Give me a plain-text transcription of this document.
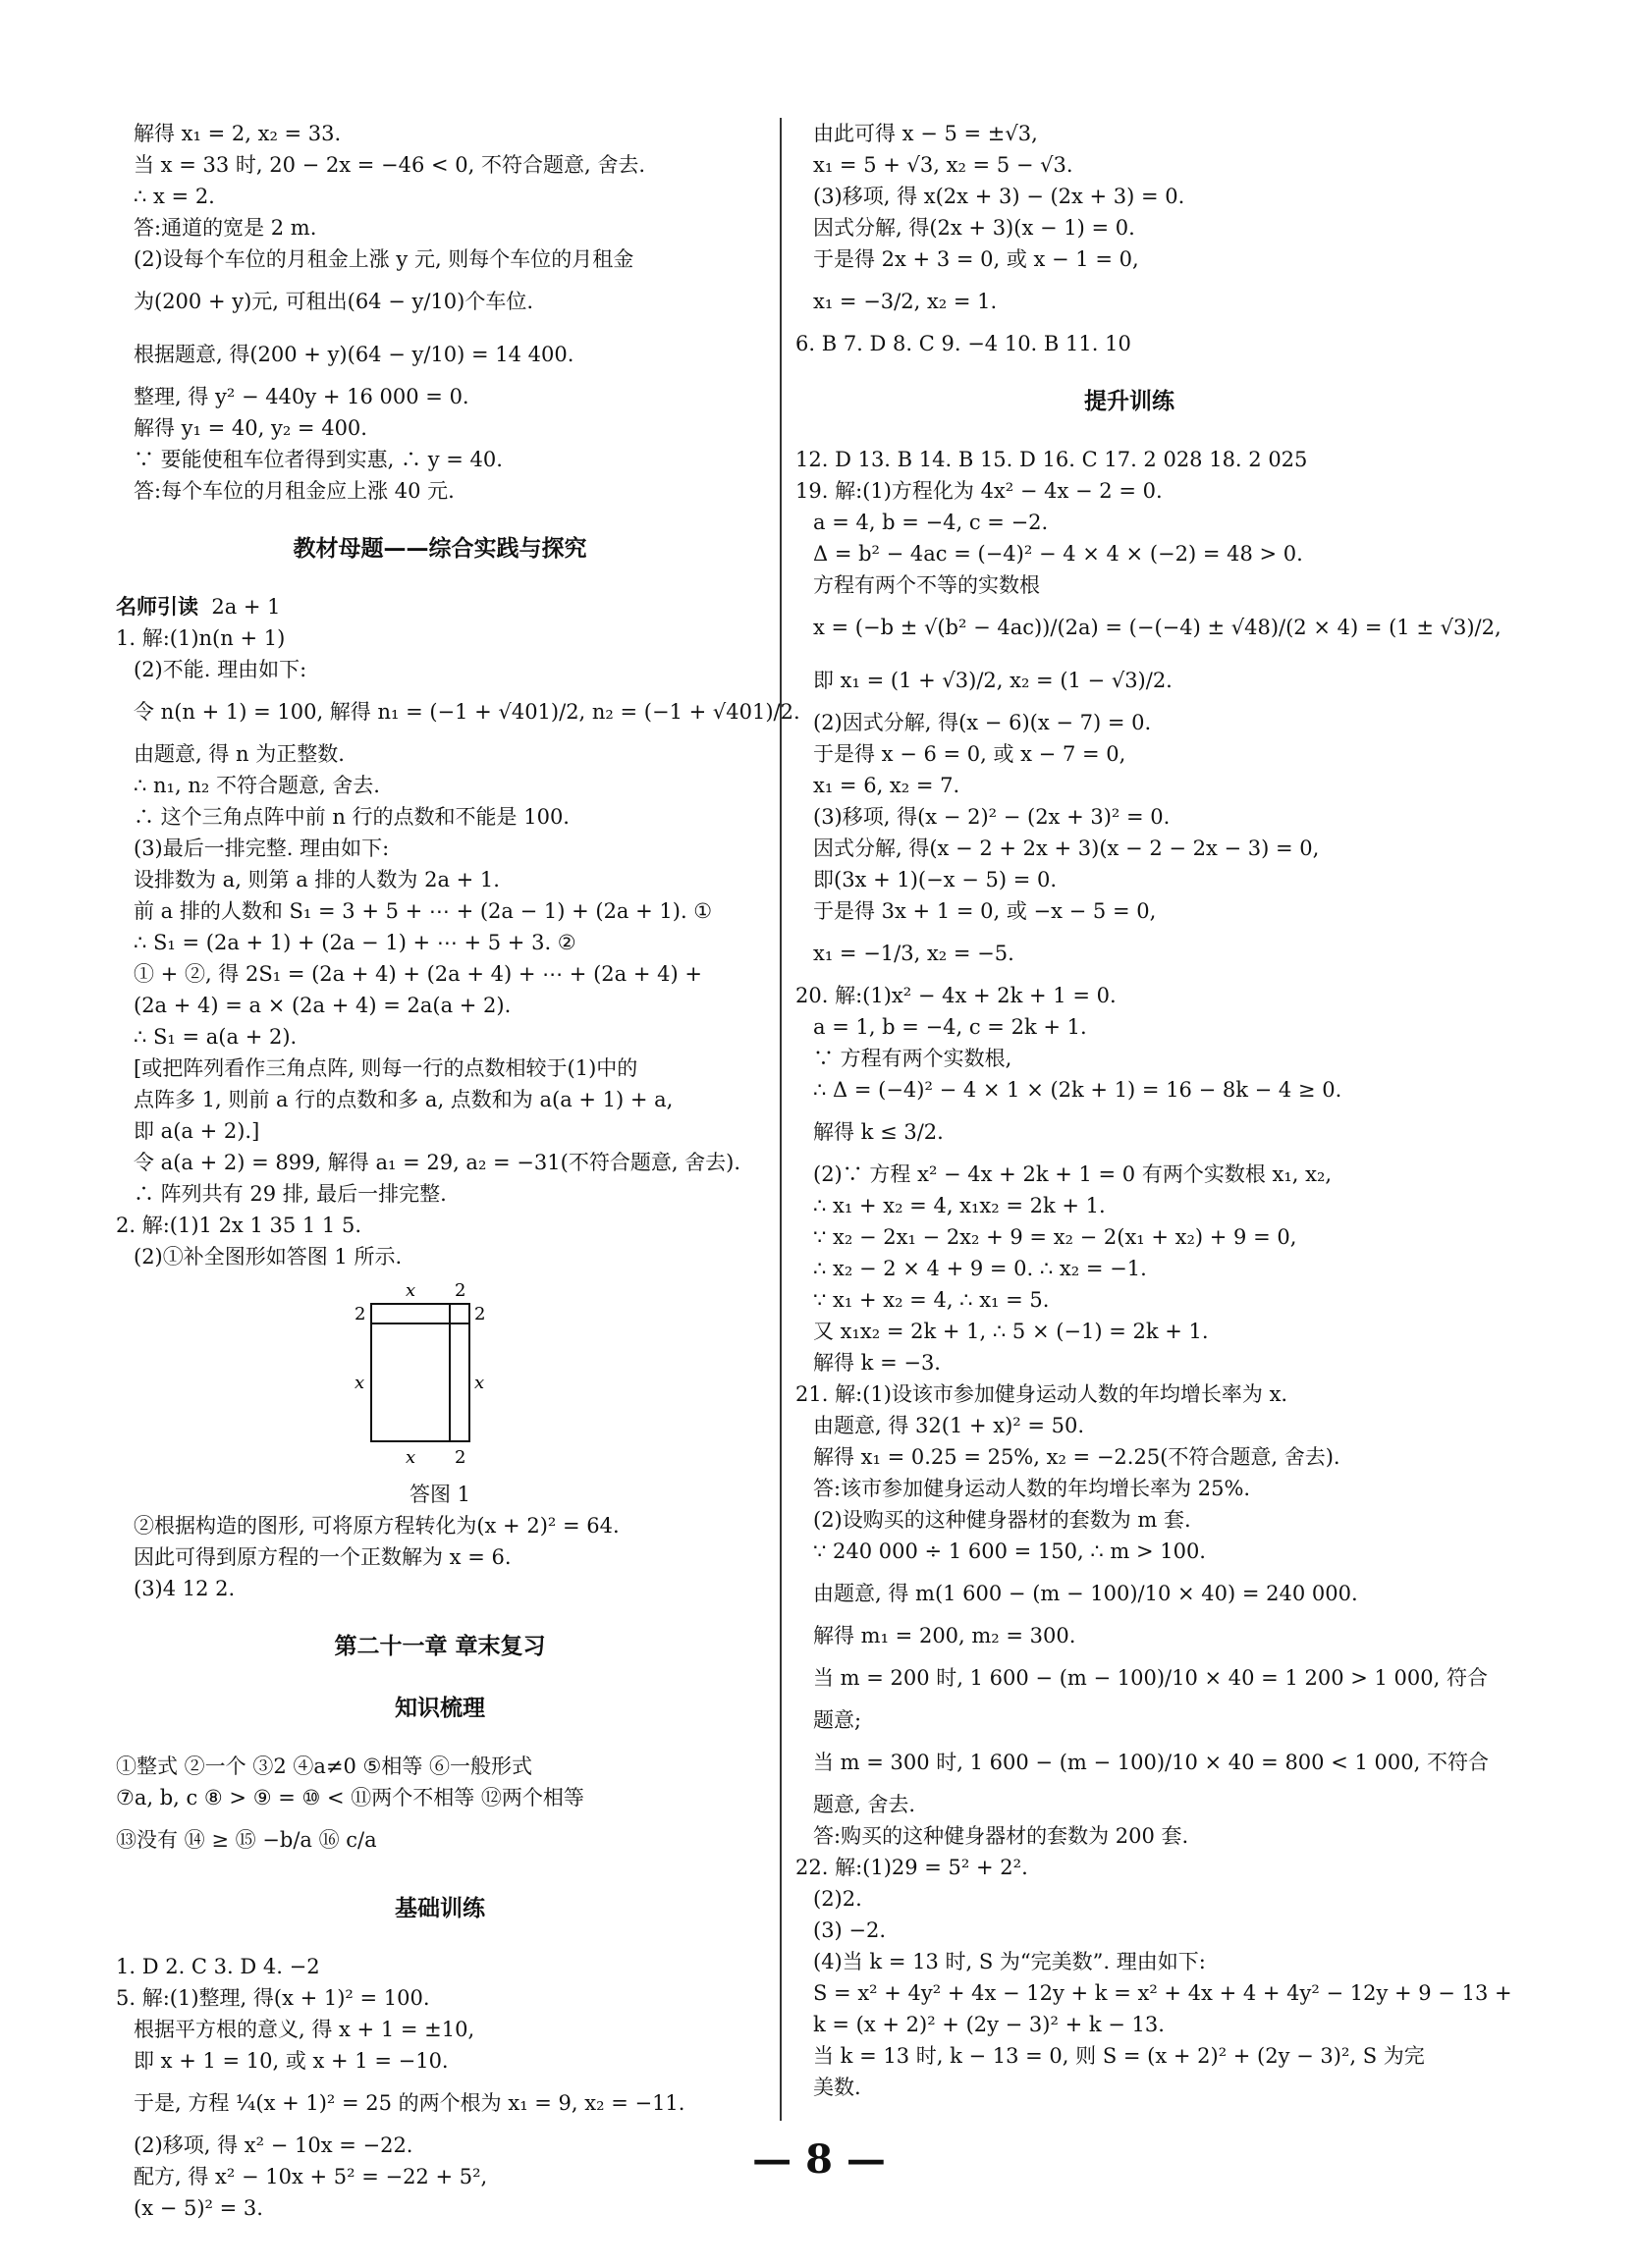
解得 x₁ = 2, x₂ = 33.

当 x = 33 时, 20 − 2x = −46 < 0, 不符合题意, 舍去.

∴ x = 2.

答:通道的宽是 2 m.

(2)设每个车位的月租金上涨 y 元, 则每个车位的月租金

为(200 + y)元, 可租出(64 − y/10)个车位.

根据题意, 得(200 + y)(64 − y/10) = 14 400.

整理, 得 y² − 440y + 16 000 = 0.

解得 y₁ = 40, y₂ = 400.

∵ 要能使租车位者得到实惠, ∴ y = 40.

答:每个车位的月租金应上涨 40 元.

教材母题——综合实践与探究

名师引读 2a + 1

1. 解:(1)n(n + 1)

(2)不能. 理由如下:

令 n(n + 1) = 100, 解得 n₁ = (−1 + √401)/2, n₂ = (−1 + √401)/2.

由题意, 得 n 为正整数.

∴ n₁, n₂ 不符合题意, 舍去.

∴ 这个三角点阵中前 n 行的点数和不能是 100.

(3)最后一排完整. 理由如下:

设排数为 a, 则第 a 排的人数为 2a + 1.

前 a 排的人数和 S₁ = 3 + 5 + ⋯ + (2a − 1) + (2a + 1). ①

∴ S₁ = (2a + 1) + (2a − 1) + ⋯ + 5 + 3. ②

① + ②, 得 2S₁ = (2a + 4) + (2a + 4) + ⋯ + (2a + 4) +

(2a + 4) = a × (2a + 4) = 2a(a + 2).

∴ S₁ = a(a + 2).

[或把阵列看作三角点阵, 则每一行的点数相较于(1)中的

点阵多 1, 则前 a 行的点数和多 a, 点数和为 a(a + 1) + a,

即 a(a + 2).]

令 a(a + 2) = 899, 解得 a₁ = 29, a₂ = −31(不符合题意, 舍去).

∴ 阵列共有 29 排, 最后一排完整.

2. 解:(1)1 2x 1 35 1 1 5.

(2)①补全图形如答图 1 所示.

x 2
2
x
2
x
x 2

答图 1

②根据构造的图形, 可将原方程转化为(x + 2)² = 64.

因此可得到原方程的一个正数解为 x = 6.

(3)4 12 2.

第二十一章 章末复习

知识梳理

①整式 ②一个 ③2 ④a≠0 ⑤相等 ⑥一般形式

⑦a, b, c ⑧ > ⑨ = ⑩ < ⑪两个不相等 ⑫两个相等

⑬没有 ⑭ ≥ ⑮ −b/a ⑯ c/a

基础训练

1. D 2. C 3. D 4. −2

5. 解:(1)整理, 得(x + 1)² = 100.

根据平方根的意义, 得 x + 1 = ±10,

即 x + 1 = 10, 或 x + 1 = −10.

于是, 方程 ¼(x + 1)² = 25 的两个根为 x₁ = 9, x₂ = −11.

(2)移项, 得 x² − 10x = −22.

配方, 得 x² − 10x + 5² = −22 + 5²,

(x − 5)² = 3.

由此可得 x − 5 = ±√3,

x₁ = 5 + √3, x₂ = 5 − √3.

(3)移项, 得 x(2x + 3) − (2x + 3) = 0.

因式分解, 得(2x + 3)(x − 1) = 0.

于是得 2x + 3 = 0, 或 x − 1 = 0,

x₁ = −3/2, x₂ = 1.

6. B 7. D 8. C 9. −4 10. B 11. 10

提升训练

12. D 13. B 14. B 15. D 16. C 17. 2 028 18. 2 025

19. 解:(1)方程化为 4x² − 4x − 2 = 0.

a = 4, b = −4, c = −2.

Δ = b² − 4ac = (−4)² − 4 × 4 × (−2) = 48 > 0.

方程有两个不等的实数根

x = (−b ± √(b² − 4ac))/(2a) = (−(−4) ± √48)/(2 × 4) = (1 ± √3)/2,

即 x₁ = (1 + √3)/2, x₂ = (1 − √3)/2.

(2)因式分解, 得(x − 6)(x − 7) = 0.

于是得 x − 6 = 0, 或 x − 7 = 0,

x₁ = 6, x₂ = 7.

(3)移项, 得(x − 2)² − (2x + 3)² = 0.

因式分解, 得(x − 2 + 2x + 3)(x − 2 − 2x − 3) = 0,

即(3x + 1)(−x − 5) = 0.

于是得 3x + 1 = 0, 或 −x − 5 = 0,

x₁ = −1/3, x₂ = −5.

20. 解:(1)x² − 4x + 2k + 1 = 0.

a = 1, b = −4, c = 2k + 1.

∵ 方程有两个实数根,

∴ Δ = (−4)² − 4 × 1 × (2k + 1) = 16 − 8k − 4 ≥ 0.

解得 k ≤ 3/2.

(2)∵ 方程 x² − 4x + 2k + 1 = 0 有两个实数根 x₁, x₂,

∴ x₁ + x₂ = 4, x₁x₂ = 2k + 1.

∵ x₂ − 2x₁ − 2x₂ + 9 = x₂ − 2(x₁ + x₂) + 9 = 0,

∴ x₂ − 2 × 4 + 9 = 0. ∴ x₂ = −1.

∵ x₁ + x₂ = 4, ∴ x₁ = 5.

又 x₁x₂ = 2k + 1, ∴ 5 × (−1) = 2k + 1.

解得 k = −3.

21. 解:(1)设该市参加健身运动人数的年均增长率为 x.

由题意, 得 32(1 + x)² = 50.

解得 x₁ = 0.25 = 25%, x₂ = −2.25(不符合题意, 舍去).

答:该市参加健身运动人数的年均增长率为 25%.

(2)设购买的这种健身器材的套数为 m 套.

∵ 240 000 ÷ 1 600 = 150, ∴ m > 100.

由题意, 得 m(1 600 − (m − 100)/10 × 40) = 240 000.

解得 m₁ = 200, m₂ = 300.

当 m = 200 时, 1 600 − (m − 100)/10 × 40 = 1 200 > 1 000, 符合

题意;

当 m = 300 时, 1 600 − (m − 100)/10 × 40 = 800 < 1 000, 不符合

题意, 舍去.

答:购买的这种健身器材的套数为 200 套.

22. 解:(1)29 = 5² + 2².

(2)2.

(3) −2.

(4)当 k = 13 时, S 为“完美数”. 理由如下:

S = x² + 4y² + 4x − 12y + k = x² + 4x + 4 + 4y² − 12y + 9 − 13 +

k = (x + 2)² + (2y − 3)² + k − 13.

当 k = 13 时, k − 13 = 0, 则 S = (x + 2)² + (2y − 3)², S 为完

美数.

— 8 —
